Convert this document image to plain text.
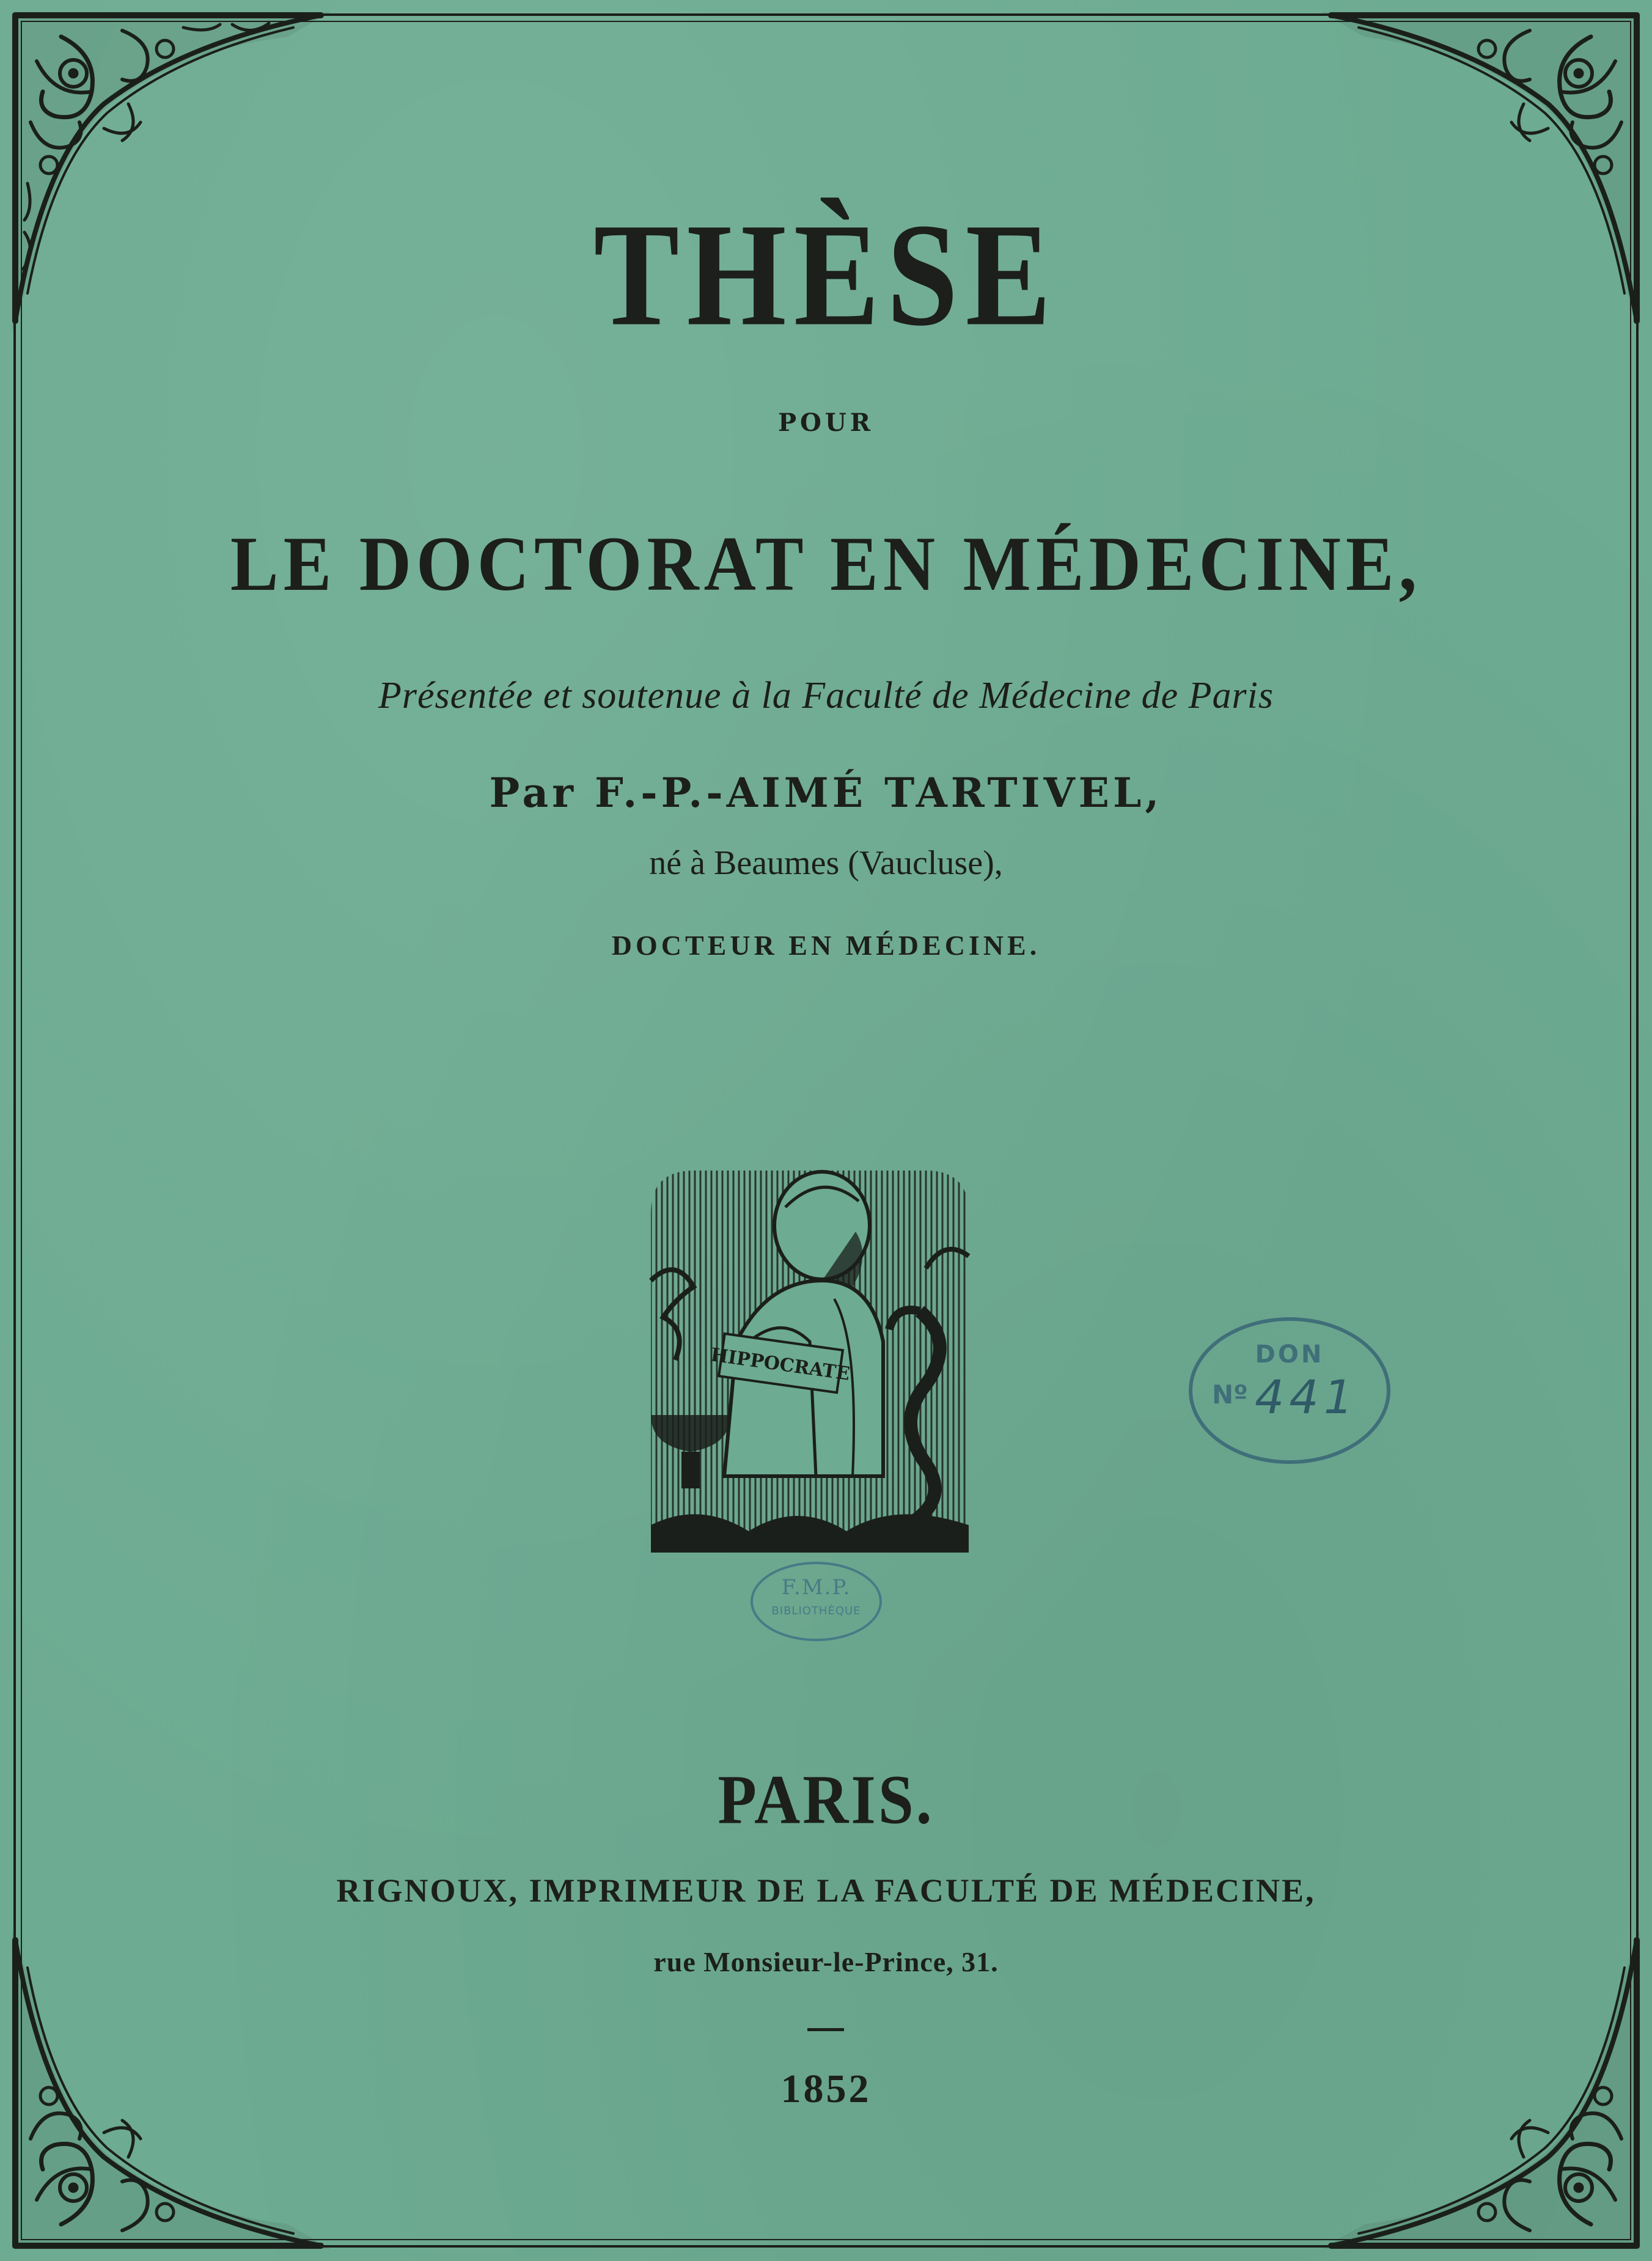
THÈSE
POUR
LE DOCTORAT EN MÉDECINE,
Présentée et soutenue à la Faculté de Médecine de Paris
Par F.-P.-AIMÉ TARTIVEL,
né à Beaumes (Vaucluse),
DOCTEUR EN MÉDECINE.
HIPPOCRATE	DON
Nº 441
F.M.P.
BIBLIOTHÈQUE
PARIS.
RIGNOUX, IMPRIMEUR DE LA FACULTÉ DE MÉDECINE,
rue Monsieur-le-Prince, 31.
1852
